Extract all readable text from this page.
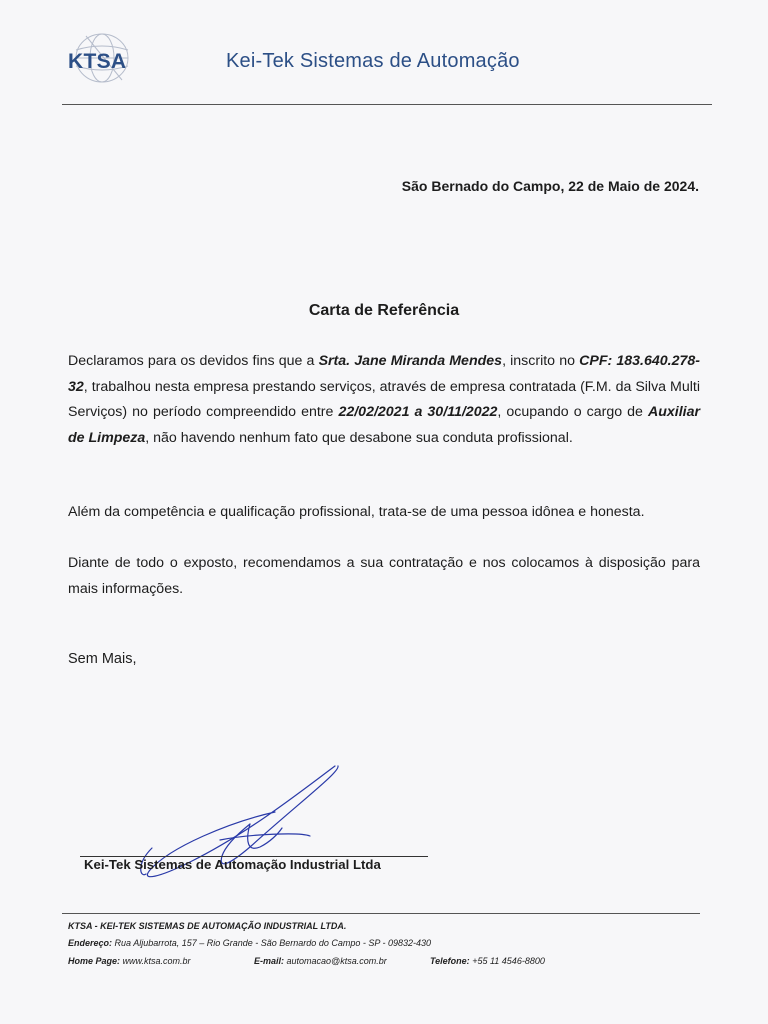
KTSA	Kei-Tek Sistemas de Automação
São Bernado do Campo, 22 de Maio de 2024.
Carta de Referência
Declaramos para os devidos fins que a Srta. Jane Miranda Mendes, inscrito no CPF: 183.640.278-32, trabalhou nesta empresa prestando serviços, através de empresa contratada (F.M. da Silva Multi Serviços) no período compreendido entre 22/02/2021 a 30/11/2022, ocupando o cargo de Auxiliar de Limpeza, não havendo nenhum fato que desabone sua conduta profissional.
Além da competência e qualificação profissional, trata-se de uma pessoa idônea e honesta.
Diante de todo o exposto, recomendamos a sua contratação e nos colocamos à disposição para mais informações.
Sem Mais,
Kei-Tek Sistemas de Automação Industrial Ltda
KTSA - KEI-TEK SISTEMAS DE AUTOMAÇÃO INDUSTRIAL LTDA.
Endereço: Rua Aljubarrota, 157 – Rio Grande - São Bernardo do Campo - SP - 09832-430
Home Page: www.ktsa.com.br	E-mail: automacao@ktsa.com.br	Telefone: +55 11 4546-8800
